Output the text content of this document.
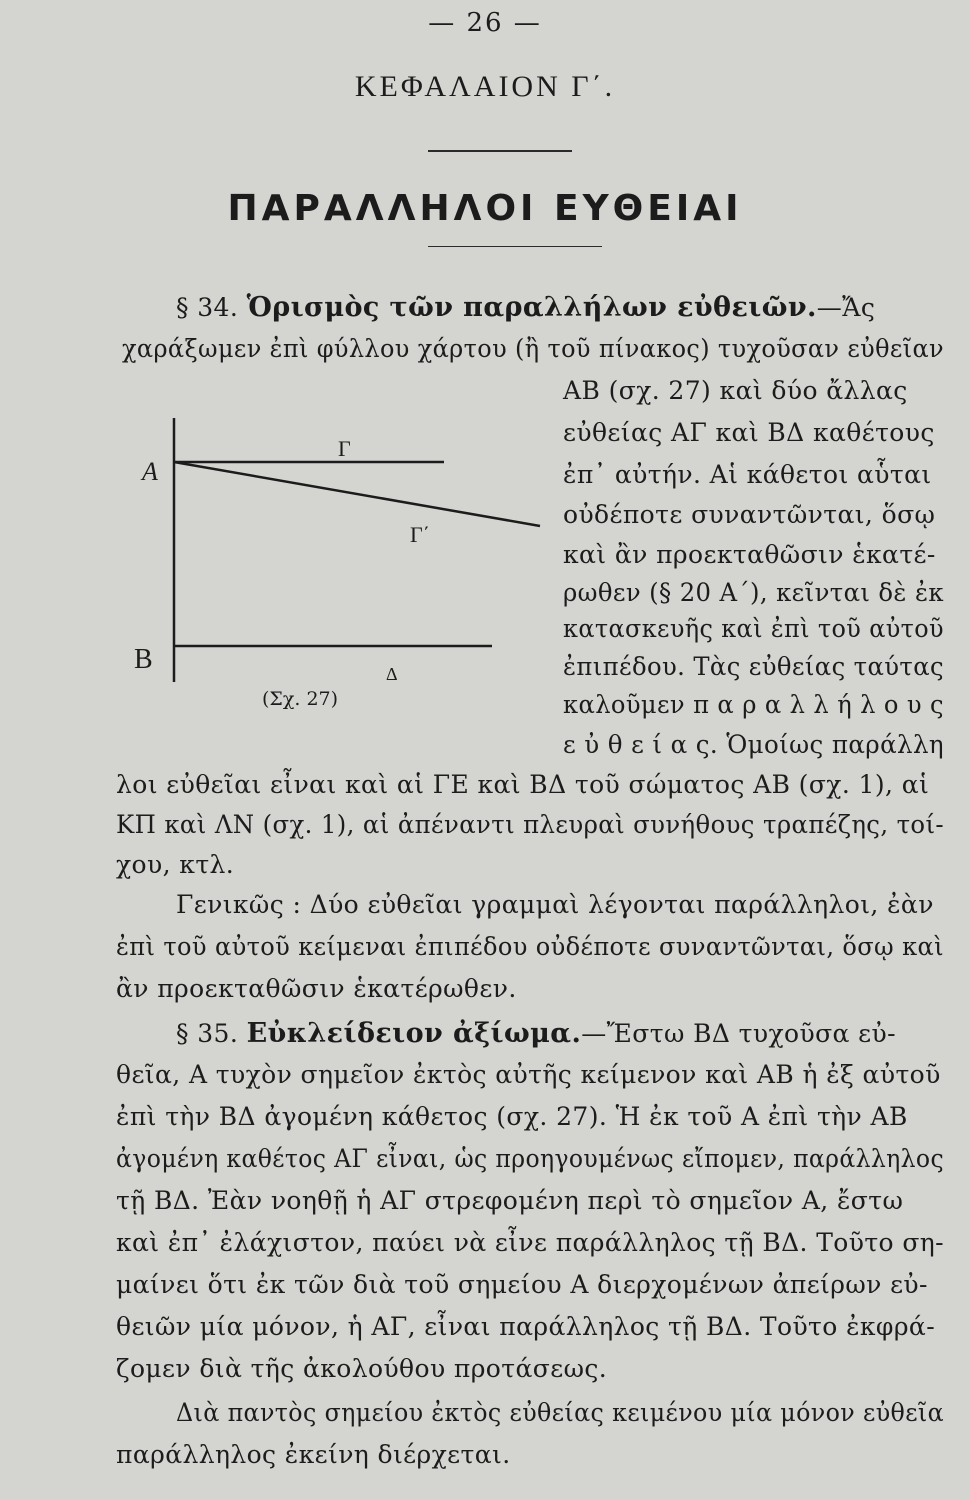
— 26 —
ΚΕΦΑΛΑΙΟΝ Γ΄.
ΠΑΡΑΛΛΗΛΟΙ ΕΥΘΕΙΑΙ
§ 34. Ὁρισμὸς τῶν παραλλήλων εὐθειῶν.—Ἄς
χαράξωμεν ἐπὶ φύλλου χάρτου (ἢ τοῦ πίνακος) τυχοῦσαν εὐθεῖαν
ΑΒ (σχ. 27) καὶ δύο ἄλλας
εὐθείας ΑΓ καὶ ΒΔ καθέτους
ἐπ᾽ αὐτήν. Αἱ κάθετοι αὗται
οὐδέποτε συναντῶνται, ὅσῳ
καὶ ἂν προεκταθῶσιν ἑκατέ-
ρωθεν (§ 20 Α΄), κεῖνται δὲ ἐκ
κατασκευῆς καὶ ἐπὶ τοῦ αὐτοῦ
ἐπιπέδου. Τὰς εὐθείας ταύτας
καλοῦμεν π α ρ α λ λ ή λ ο υ ς
ε ὐ θ ε ί α ς. Ὁμοίως παράλλη
A
B
Γ
Γ΄
Δ
(Σχ. 27)
λοι εὐθεῖαι εἶναι καὶ αἱ ΓΕ καὶ ΒΔ τοῦ σώματος ΑΒ (σχ. 1), αἱ
ΚΠ καὶ ΛΝ (σχ. 1), αἱ ἀπέναντι πλευραὶ συνήθους τραπέζης, τοί-
χου, κτλ.
Γενικῶς : Δύο εὐθεῖαι γραμμαὶ λέγονται παράλληλοι, ἐὰν
ἐπὶ τοῦ αὐτοῦ κείμεναι ἐπιπέδου οὐδέποτε συναντῶνται, ὅσῳ καὶ
ἂν προεκταθῶσιν ἑκατέρωθεν.
§ 35. Εὐκλείδειον ἀξίωμα.—Ἔστω ΒΔ τυχοῦσα εὐ-
θεῖα, Α τυχὸν σημεῖον ἐκτὸς αὐτῆς κείμενον καὶ ΑΒ ἡ ἐξ αὐτοῦ
ἐπὶ τὴν ΒΔ ἀγομένη κάθετος (σχ. 27). Ἡ ἐκ τοῦ Α ἐπὶ τὴν ΑΒ
ἀγομένη καθέτος ΑΓ εἶναι, ὡς προηγουμένως εἴπομεν, παράλληλος
τῇ ΒΔ. Ἐὰν νοηθῇ ἡ ΑΓ στρεφομένη περὶ τὸ σημεῖον Α, ἔστω
καὶ ἐπ᾽ ἐλάχιστον, παύει νὰ εἶνε παράλληλος τῇ ΒΔ. Τοῦτο ση-
μαίνει ὅτι ἐκ τῶν διὰ τοῦ σημείου Α διερχομένων ἀπείρων εὐ-
θειῶν μία μόνον, ἡ ΑΓ, εἶναι παράλληλος τῇ ΒΔ. Τοῦτο ἐκφρά-
ζομεν διὰ τῆς ἀκολούθου προτάσεως.
Διὰ παντὸς σημείου ἐκτὸς εὐθείας κειμένου μία μόνον εὐθεῖα
παράλληλος ἐκείνη διέρχεται.
